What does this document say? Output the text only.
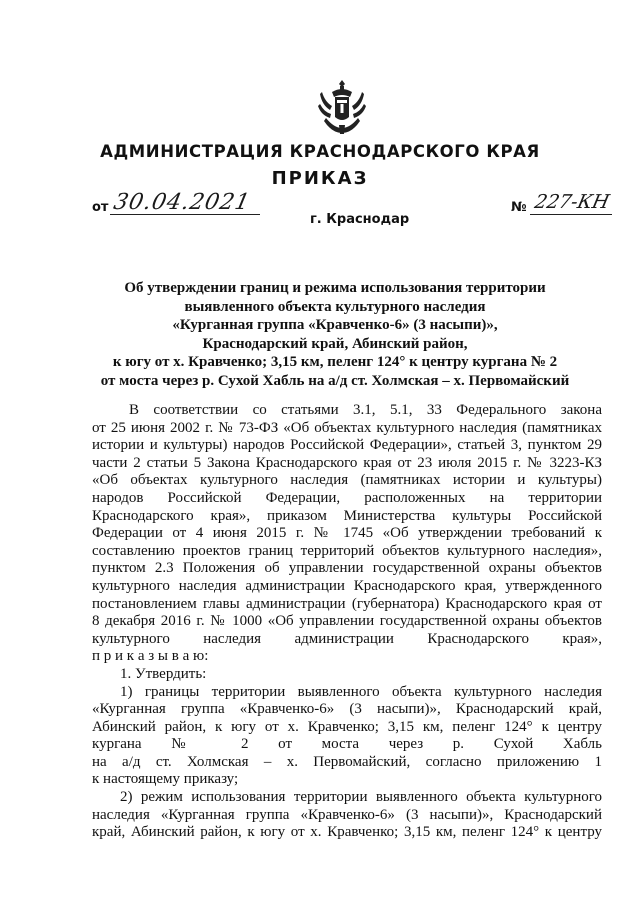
АДМИНИСТРАЦИЯ КРАСНОДАРСКОГО КРАЯ
ПРИКАЗ
от 30.04.2021	№ 227-КН
г. Краснодар
Об утверждении границ и режима использования территории
выявленного объекта культурного наследия
«Курганная группа «Кравченко-6» (3 насыпи)»,
Краснодарский край, Абинский район,
к югу от х. Кравченко; 3,15 км, пеленг 124° к центру кургана № 2
от моста через р. Сухой Хабль на а/д ст. Холмская – х. Первомайский
В соответствии со статьями 3.1, 5.1, 33 Федерального закона
от 25 июня 2002 г. № 73-ФЗ «Об объектах культурного наследия (памятниках
истории и культуры) народов Российской Федерации», статьей 3, пунктом 29
части 2 статьи 5 Закона Краснодарского края от 23 июля 2015 г. № 3223-КЗ
«Об объектах культурного наследия (памятниках истории и культуры)
народов Российской Федерации, расположенных на территории
Краснодарского края», приказом Министерства культуры Российской
Федерации от 4 июня 2015 г. № 1745 «Об утверждении требований к
составлению проектов границ территорий объектов культурного наследия»,
пунктом 2.3 Положения об управлении государственной охраны объектов
культурного наследия администрации Краснодарского края, утвержденного
постановлением главы администрации (губернатора) Краснодарского края от
8 декабря 2016 г. № 1000 «Об управлении государственной охраны объектов
культурного наследия администрации Краснодарского края»,
п р и к а з ы в а ю:
1. Утвердить:
1) границы территории выявленного объекта культурного наследия
«Курганная группа «Кравченко-6» (3 насыпи)», Краснодарский край,
Абинский район, к югу от х. Кравченко; 3,15 км, пеленг 124° к центру
кургана № 2 от моста через р. Сухой Хабль
на а/д ст. Холмская – х. Первомайский, согласно приложению 1
к настоящему приказу;
2) режим использования территории выявленного объекта культурного
наследия «Курганная группа «Кравченко-6» (3 насыпи)», Краснодарский
край, Абинский район, к югу от х. Кравченко; 3,15 км, пеленг 124° к центру
